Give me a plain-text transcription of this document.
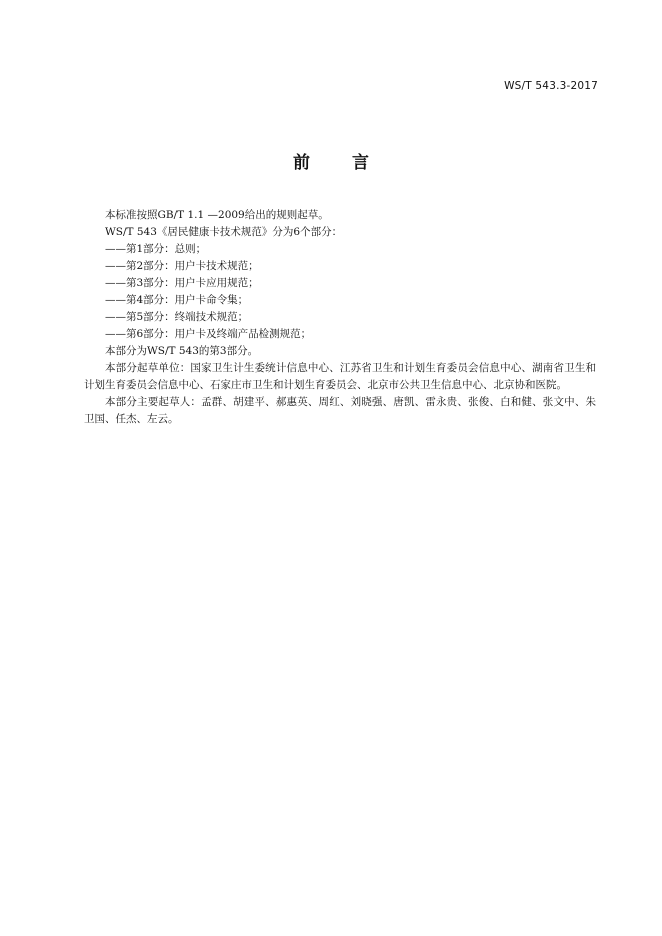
WS/T 543.3-2017
前 言

本标准按照GB/T 1.1 —2009给出的规则起草。

WS/T 543《居民健康卡技术规范》分为6个部分：

——第1部分：总则；

——第2部分：用户卡技术规范；

——第3部分：用户卡应用规范；

——第4部分：用户卡命令集；

——第5部分：终端技术规范；

——第6部分：用户卡及终端产品检测规范；

本部分为WS/T 543的第3部分。

本部分起草单位：国家卫生计生委统计信息中心、江苏省卫生和计划生育委员会信息中心、湖南省卫生和计划生育委员会信息中心、石家庄市卫生和计划生育委员会、北京市公共卫生信息中心、北京协和医院。

本部分主要起草人：孟群、胡建平、郝惠英、周红、刘晓强、唐凯、雷永贵、张俊、白和健、张文中、朱卫国、任杰、左云。
